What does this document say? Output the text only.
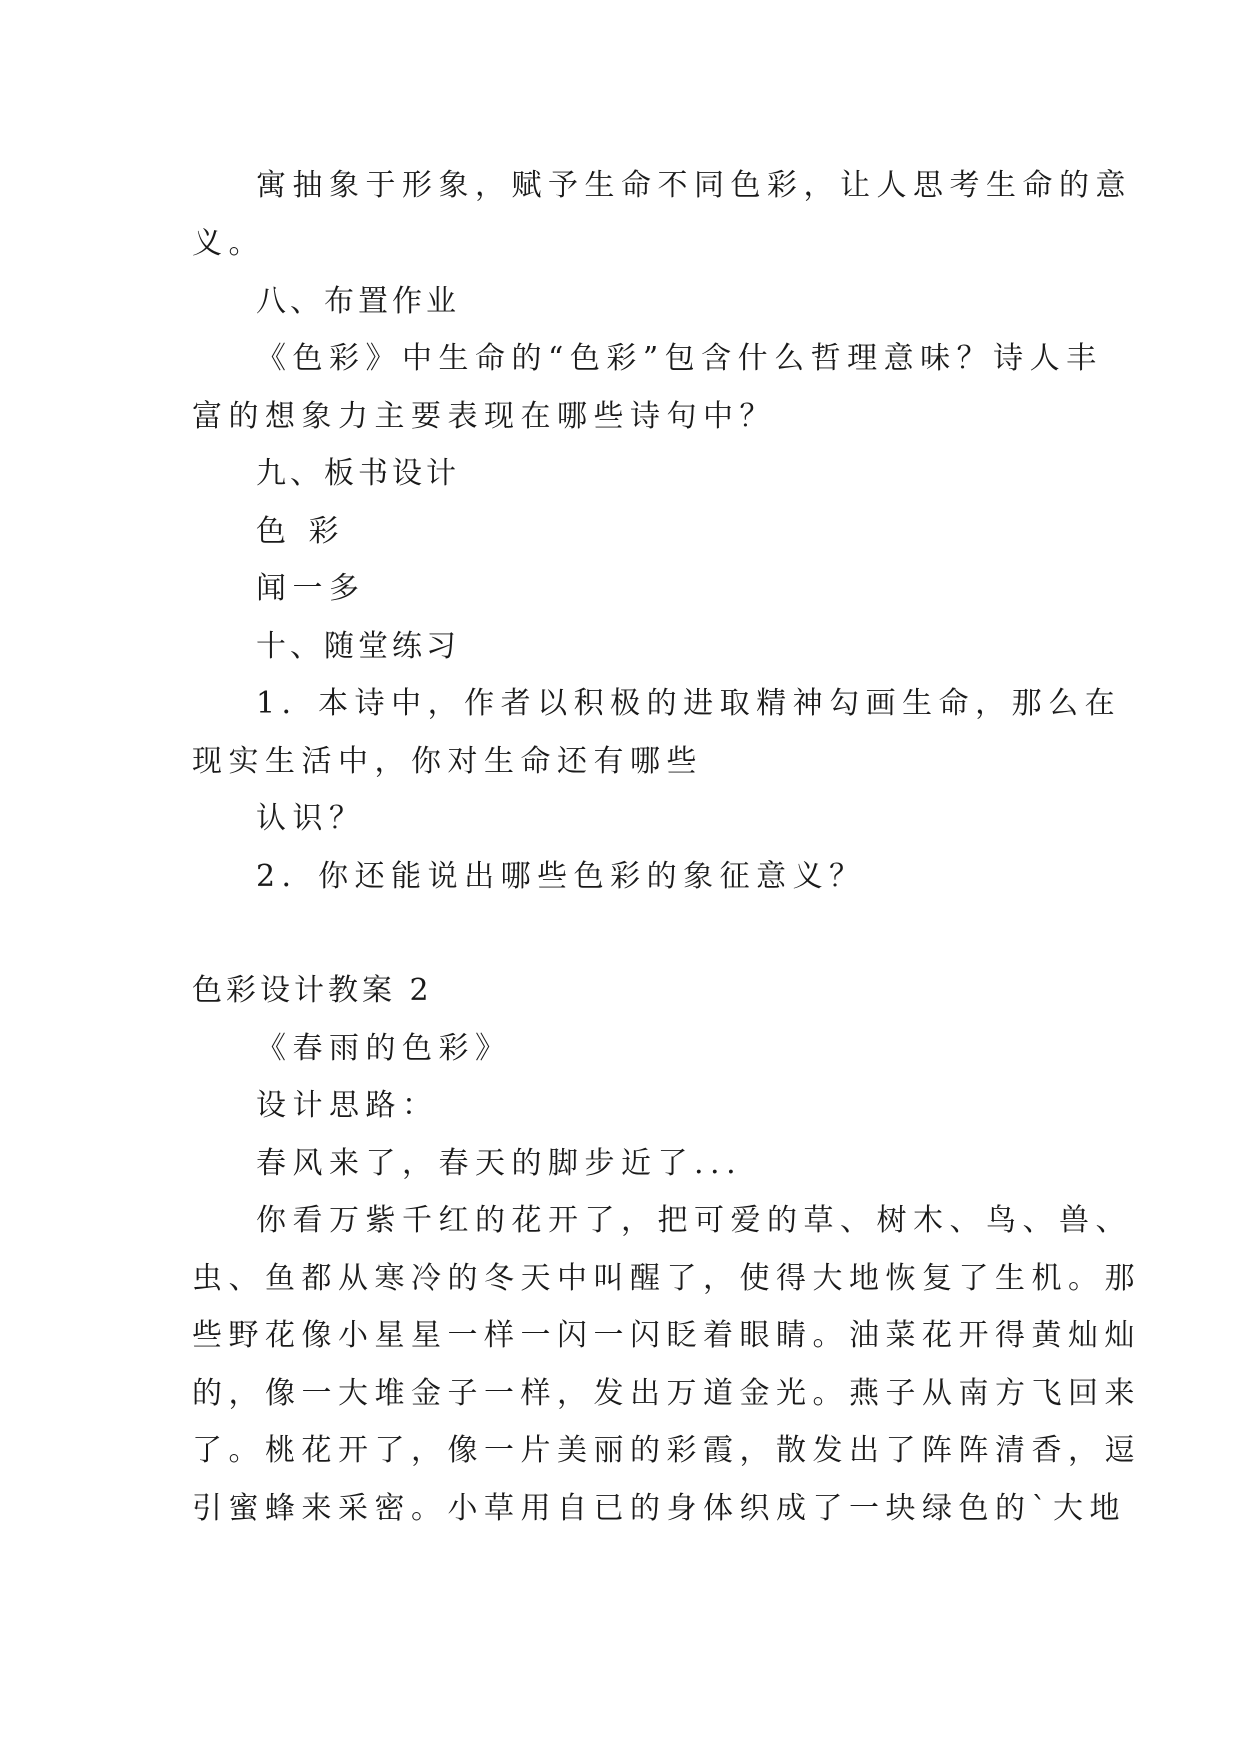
寓抽象于形象，赋予生命不同色彩，让人思考生命的意
义。
八、布置作业
《色彩》中生命的“色彩”包含什么哲理意味？诗人丰
富的想象力主要表现在哪些诗句中？
九、板书设计
色 彩
闻一多
十、随堂练习
1．本诗中，作者以积极的进取精神勾画生命，那么在
现实生活中，你对生命还有哪些
认识？
2．你还能说出哪些色彩的象征意义？
色彩设计教案 2
《春雨的色彩》
设计思路：
春风来了，春天的脚步近了...
你看万紫千红的花开了，把可爱的草、树木、鸟、兽、
虫、鱼都从寒冷的冬天中叫醒了，使得大地恢复了生机。那
些野花像小星星一样一闪一闪眨着眼睛。油菜花开得黄灿灿
的，像一大堆金子一样，发出万道金光。燕子从南方飞回来
了。桃花开了，像一片美丽的彩霞，散发出了阵阵清香，逗
引蜜蜂来采密。小草用自已的身体织成了一块绿色的`大地
